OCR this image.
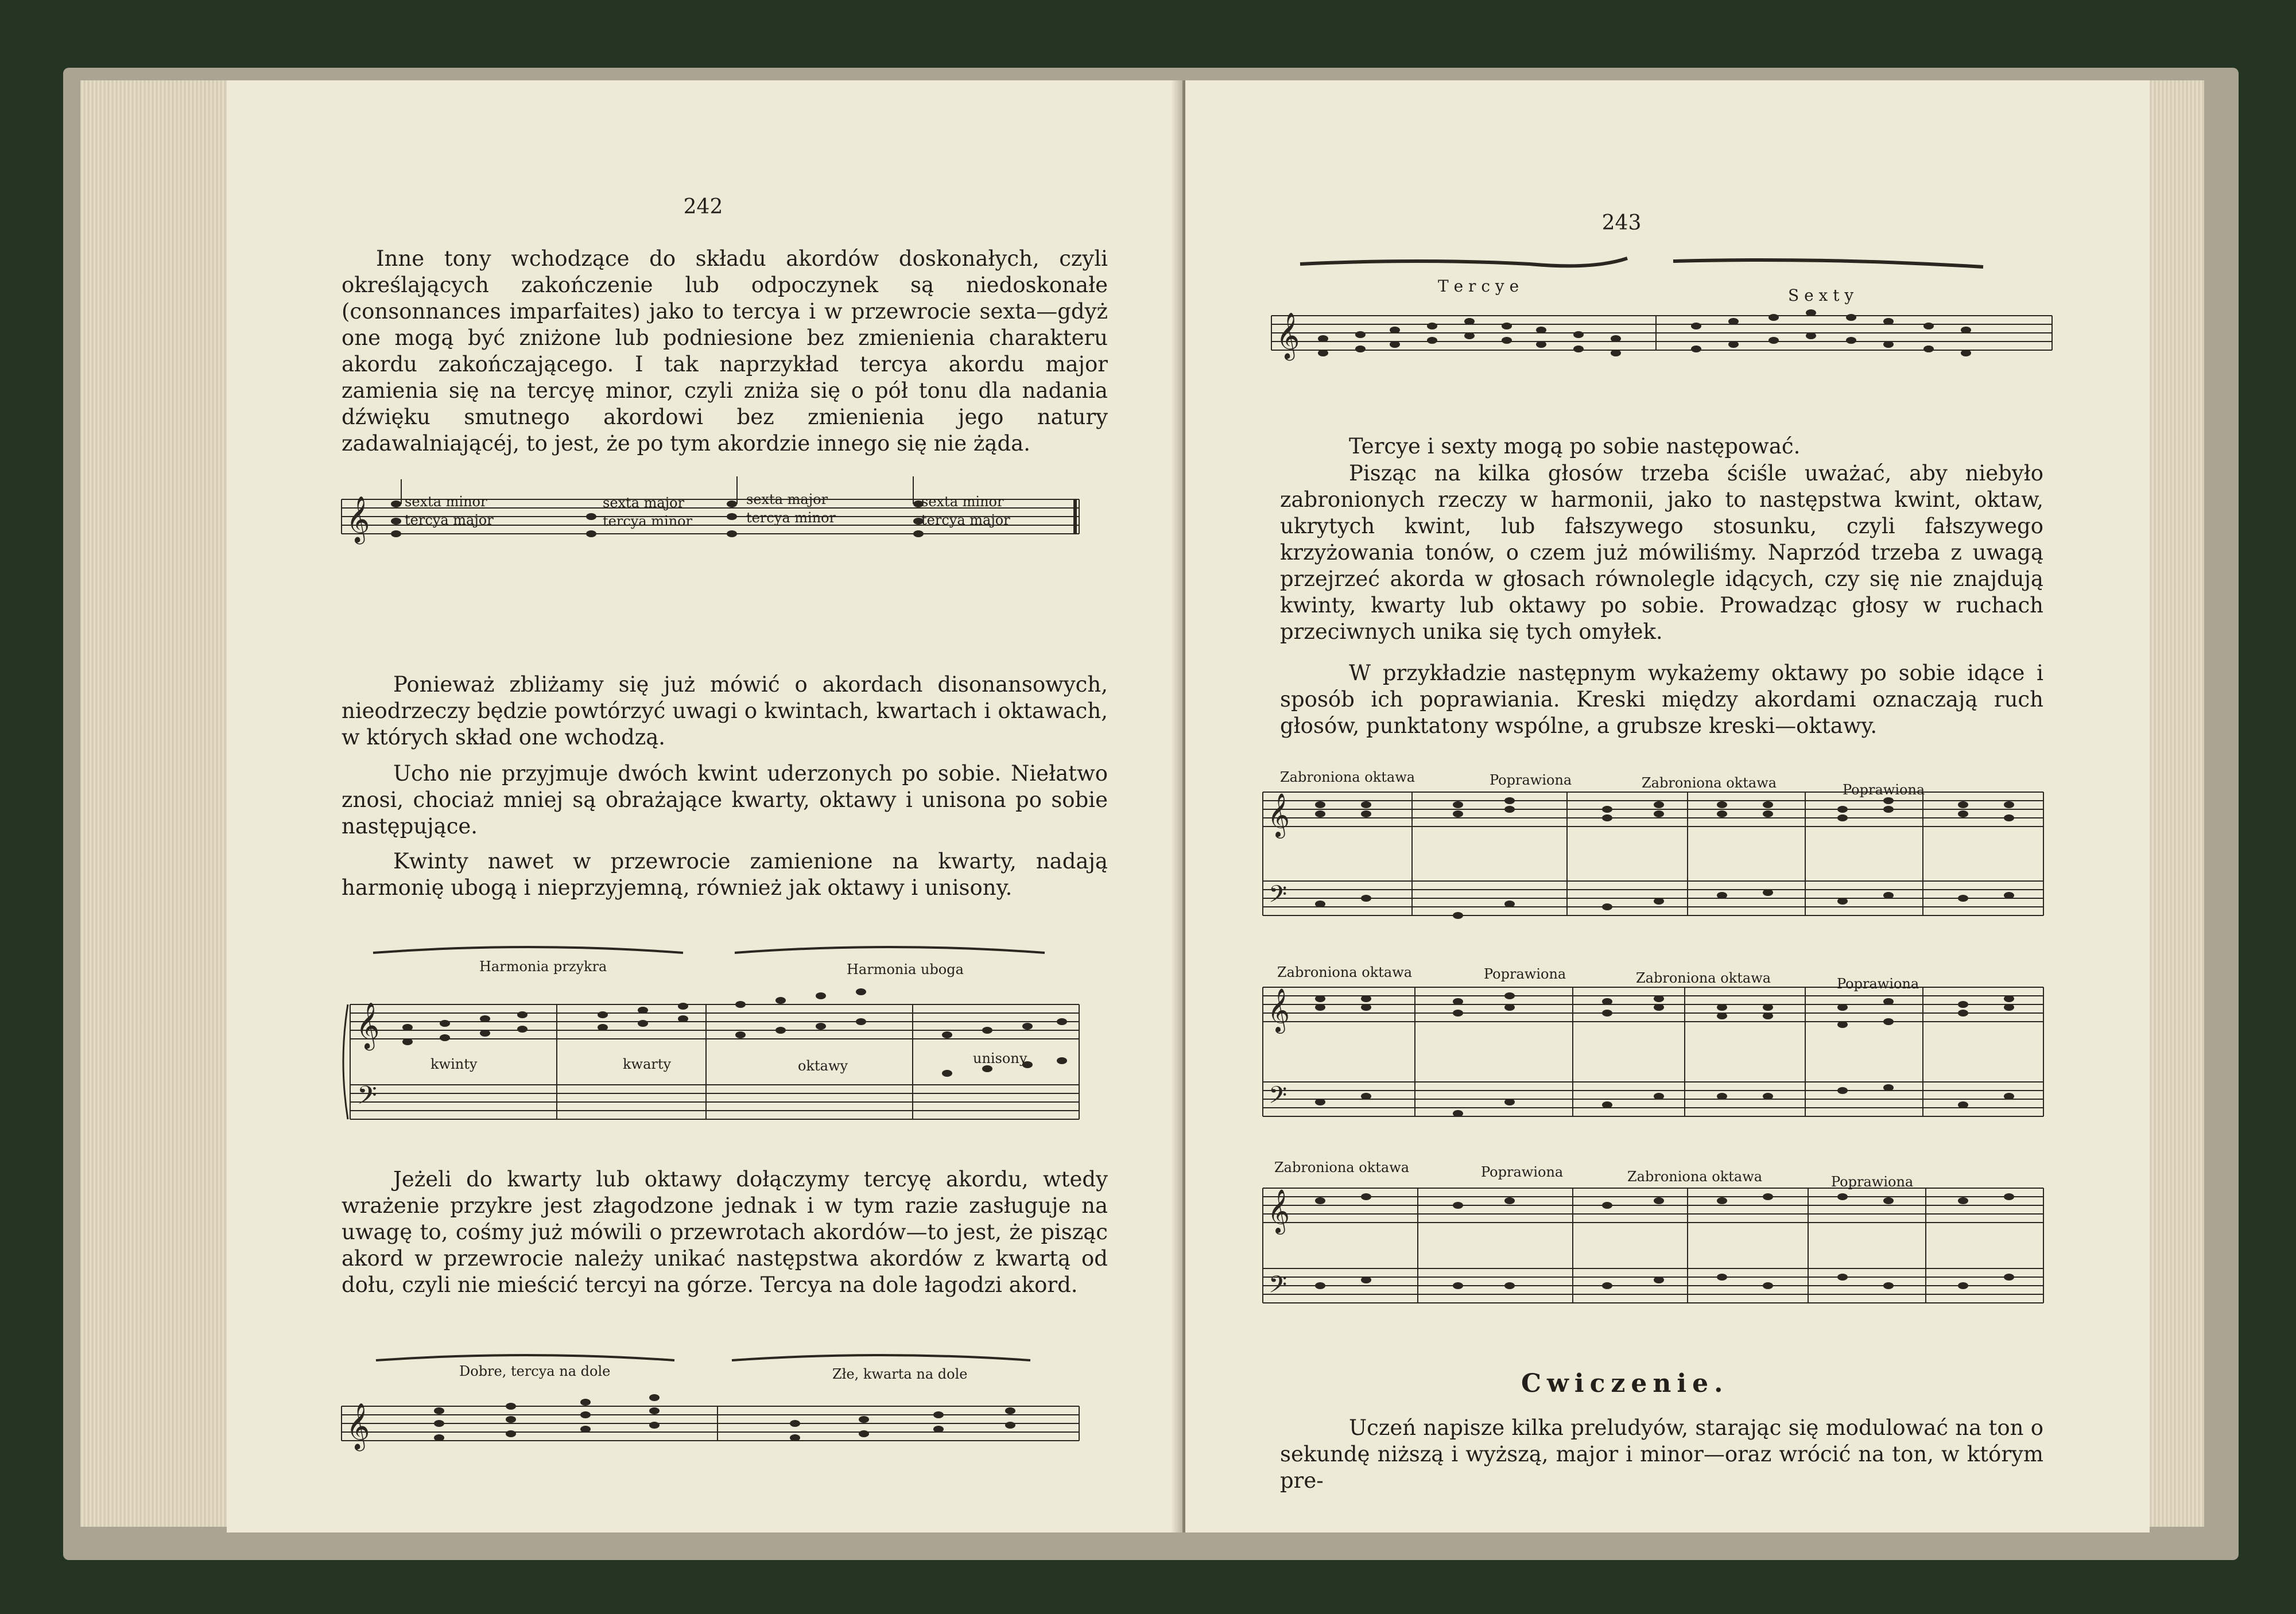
242
Inne tony wchodzące do składu akordów doskonałych, czyli określających zakończenie lub odpoczynek są niedoskonałe (consonnances imparfaites) jako to tercya i w przewrocie sexta—gdyż one mogą być zniżone lub podniesione bez zmienienia charakteru akordu zakończającego. I tak naprzykład tercya akordu major zamienia się na tercyę minor, czyli zniża się o pół tonu dla nadania dźwięku smutnego akordowi bez zmienienia jego natury zadawalniającéj, to jest, że po tym akordzie innego się nie żąda.
𝄞	sexta minor
tercya major
sexta major
tercya minor
sexta major
tercya minor
sexta minor
tercya major
Ponieważ zbliżamy się już mówić o akordach disonansowych, nieodrzeczy będzie powtórzyć uwagi o kwintach, kwartach i oktawach, w których skład one wchodzą.
Ucho nie przyjmuje dwóch kwint uderzonych po sobie. Niełatwo znosi, chociaż mniej są obrażające kwarty, oktawy i unisona po sobie następujące.
Kwinty nawet w przewrocie zamienione na kwarty, nadają harmonię ubogą i nieprzyjemną, również jak oktawy i unisony.
𝄞
𝄢
Harmonia przykra	Harmonia uboga
kwinty	kwarty	oktawy	unisony
Jeżeli do kwarty lub oktawy dołączymy tercyę akordu, wtedy wrażenie przykre jest złagodzone jednak i w tym razie zasługuje na uwagę to, cośmy już mówili o przewrotach akordów—to jest, że pisząc akord w przewrocie należy unikać następstwa akordów z kwartą od dołu, czyli nie mieścić tercyi na górze. Tercya na dole łagodzi akord.
𝄞
Dobre, tercya na dole	Złe, kwarta na dole
243
𝄞
T e r c y e	S e x t y
Tercye i sexty mogą po sobie następować.
Pisząc na kilka głosów trzeba ściśle uważać, aby niebyło zabronionych rzeczy w harmonii, jako to następstwa kwint, oktaw, ukrytych kwint, lub fałszywego stosunku, czyli fałszywego krzyżowania tonów, o czem już mówiliśmy. Naprzód trzeba z uwagą przejrzeć akorda w głosach równolegle idących, czy się nie znajdują kwinty, kwarty lub oktawy po sobie. Prowadząc głosy w ruchach przeciwnych unika się tych omyłek.
W przykładzie następnym wykażemy oktawy po sobie idące i sposób ich poprawiania. Kreski między akordami oznaczają ruch głosów, punktatony wspólne, a grubsze kreski—oktawy.
𝄞
𝄢
𝄞
𝄢
𝄞
𝄢
Zabroniona oktawa	Poprawiona	Zabroniona oktawa	Poprawiona
Zabroniona oktawa	Poprawiona	Zabroniona oktawa	Poprawiona
Zabroniona oktawa	Poprawiona	Zabroniona oktawa	Poprawiona
Cwiczenie.
Uczeń napisze kilka preludyów, starając się modulować na ton o sekundę niższą i wyższą, major i minor—oraz wrócić na ton, w którym pre-
